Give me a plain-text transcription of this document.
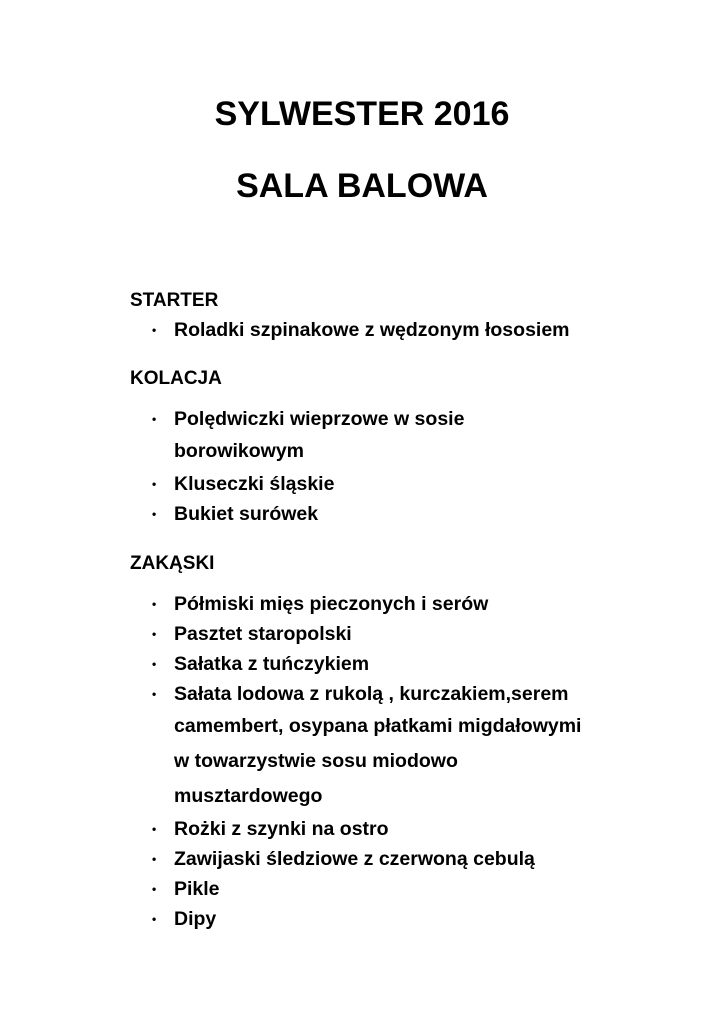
SYLWESTER 2016
SALA BALOWA

STARTER

• Roladki szpinakowe z wędzonym łososiem

KOLACJA

• Polędwiczki wieprzowe w sosie
borowikowym
• Kluseczki śląskie
• Bukiet surówek

ZAKĄSKI

• Półmiski mięs pieczonych i serów
• Pasztet staropolski
• Sałatka z tuńczykiem
• Sałata lodowa z rukolą , kurczakiem,serem
camembert, osypana płatkami migdałowymi
w towarzystwie sosu miodowo
musztardowego
• Rożki z szynki na ostro
• Zawijaski śledziowe z czerwoną cebulą
• Pikle
• Dipy
